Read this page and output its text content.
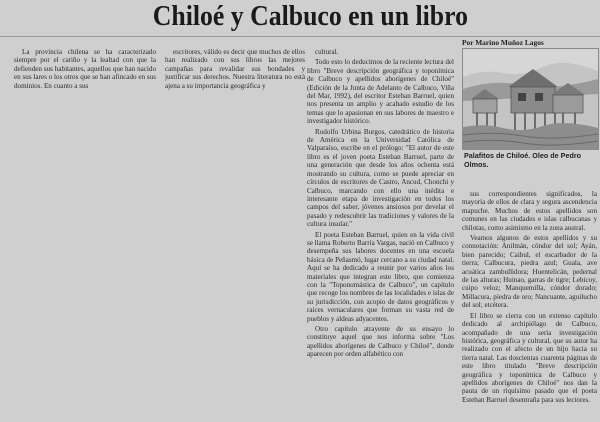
Chiloé y Calbuco en un libro

La provincia chilena se ha caracterizado siempre por el cariño y la lealtad con que la defienden sus habitantes, aquellos que han nacido en sus lares o los otros que se han afincado en sus dominios. En cuanto a sus

escritores, válido es decir que muchos de ellos han realizado con sus libros las mejores campañas para revalidar sus bondades y justificar sus derechos. Nuestra literatura no está ajena a su importancia geográfica y

cultural.

Todo esto lo deducimos de la reciente lectura del libro "Breve descripción geográfica y toponímica de Calbuco y apellidos aborígenes de Chiloé" (Edición de la Junta de Adelanto de Calbuco, Viña del Mar, 1992), del escritor Esteban Barruel, quien nos presenta un amplio y acabado estudio de los temas que lo apasionan en sus labores de maestro e investigador histórico.

Rodolfo Urbina Burgos, catedrático de historia de América en la Universidad Católica de Valparaíso, escribe en el prólogo: "El autor de este libro es el joven poeta Esteban Barruel, parte de una generación que desde los años ochenta está mostrando su cultura, como se puede apreciar en círculos de escritores de Castro, Ancud, Chonchi y Calbuco, marcando con ello una inédita e interesante etapa de investigación en todos los campos del saber, jóvenes ansiosos por develar el pasado y redescubrir las tradiciones y valores de la cultura insular."

El poeta Esteban Barruel, quien en la vida civil se llama Roberto Barría Vargas, nació en Calbuco y desempeña sus labores docentes en una escuela básica de Peñasmó, lugar cercano a su ciudad natal. Aquí se ha dedicado a reunir por varios años los materiales que integran este libro, que comienza con la "Toponomástica de Calbuco", un capítulo que recoge los nombres de las localidades e islas de su jurisdicción, con acopio de datos geográficos y raíces vernaculares que forman su vasta red de pueblos y aldeas adyacentes.

Otro capítulo atrayente de su ensayo lo constituye aquel que nos informa sobre "Los apellidos aborígenes de Calbuco y Chiloé", donde aparecen por orden alfabético con

Por Marino Muñoz Lagos
Palafitos de Chiloé. Oleo de Pedro Olmos.

sus correspondientes significados, la mayoría de ellos de clara y segura ascendencia mapuche. Muchos de estos apellidos son comunes en las ciudades e islas calbucanas y chilotas, como asimismo en la zona austral.

Veamos algunos de estos apellidos y su connotación: Anilmán, cóndor del sol; Ayán, bien parecido; Caibul, el escarbador de la tierra; Calbucura, piedra azul; Guala, ave acuática zambullidora; Huentelicán, pedernal de las alturas; Huinao, garras de tigre; Lebicoy, cuipo veloz; Manquemilla, cóndor dorado; Millacura, piedra de oro; Nancuante, aguilucho del sol; etcétera.

El libro se cierra con un extenso capítulo dedicado al archipiélago de Calbuco, acompañado de una seria investigación histórica, geográfica y cultural, que su autor ha realizado con el afecto de un hijo hacia su tierra natal. Las doscientas cuarenta páginas de este libro titulado "Breve descripción geográfica y toponímica de Calbuco y apellidos aborígenes de Chiloé" nos dan la pauta de un riquísimo pasado que el poeta Esteban Barruel desentraña para sus lectores.
